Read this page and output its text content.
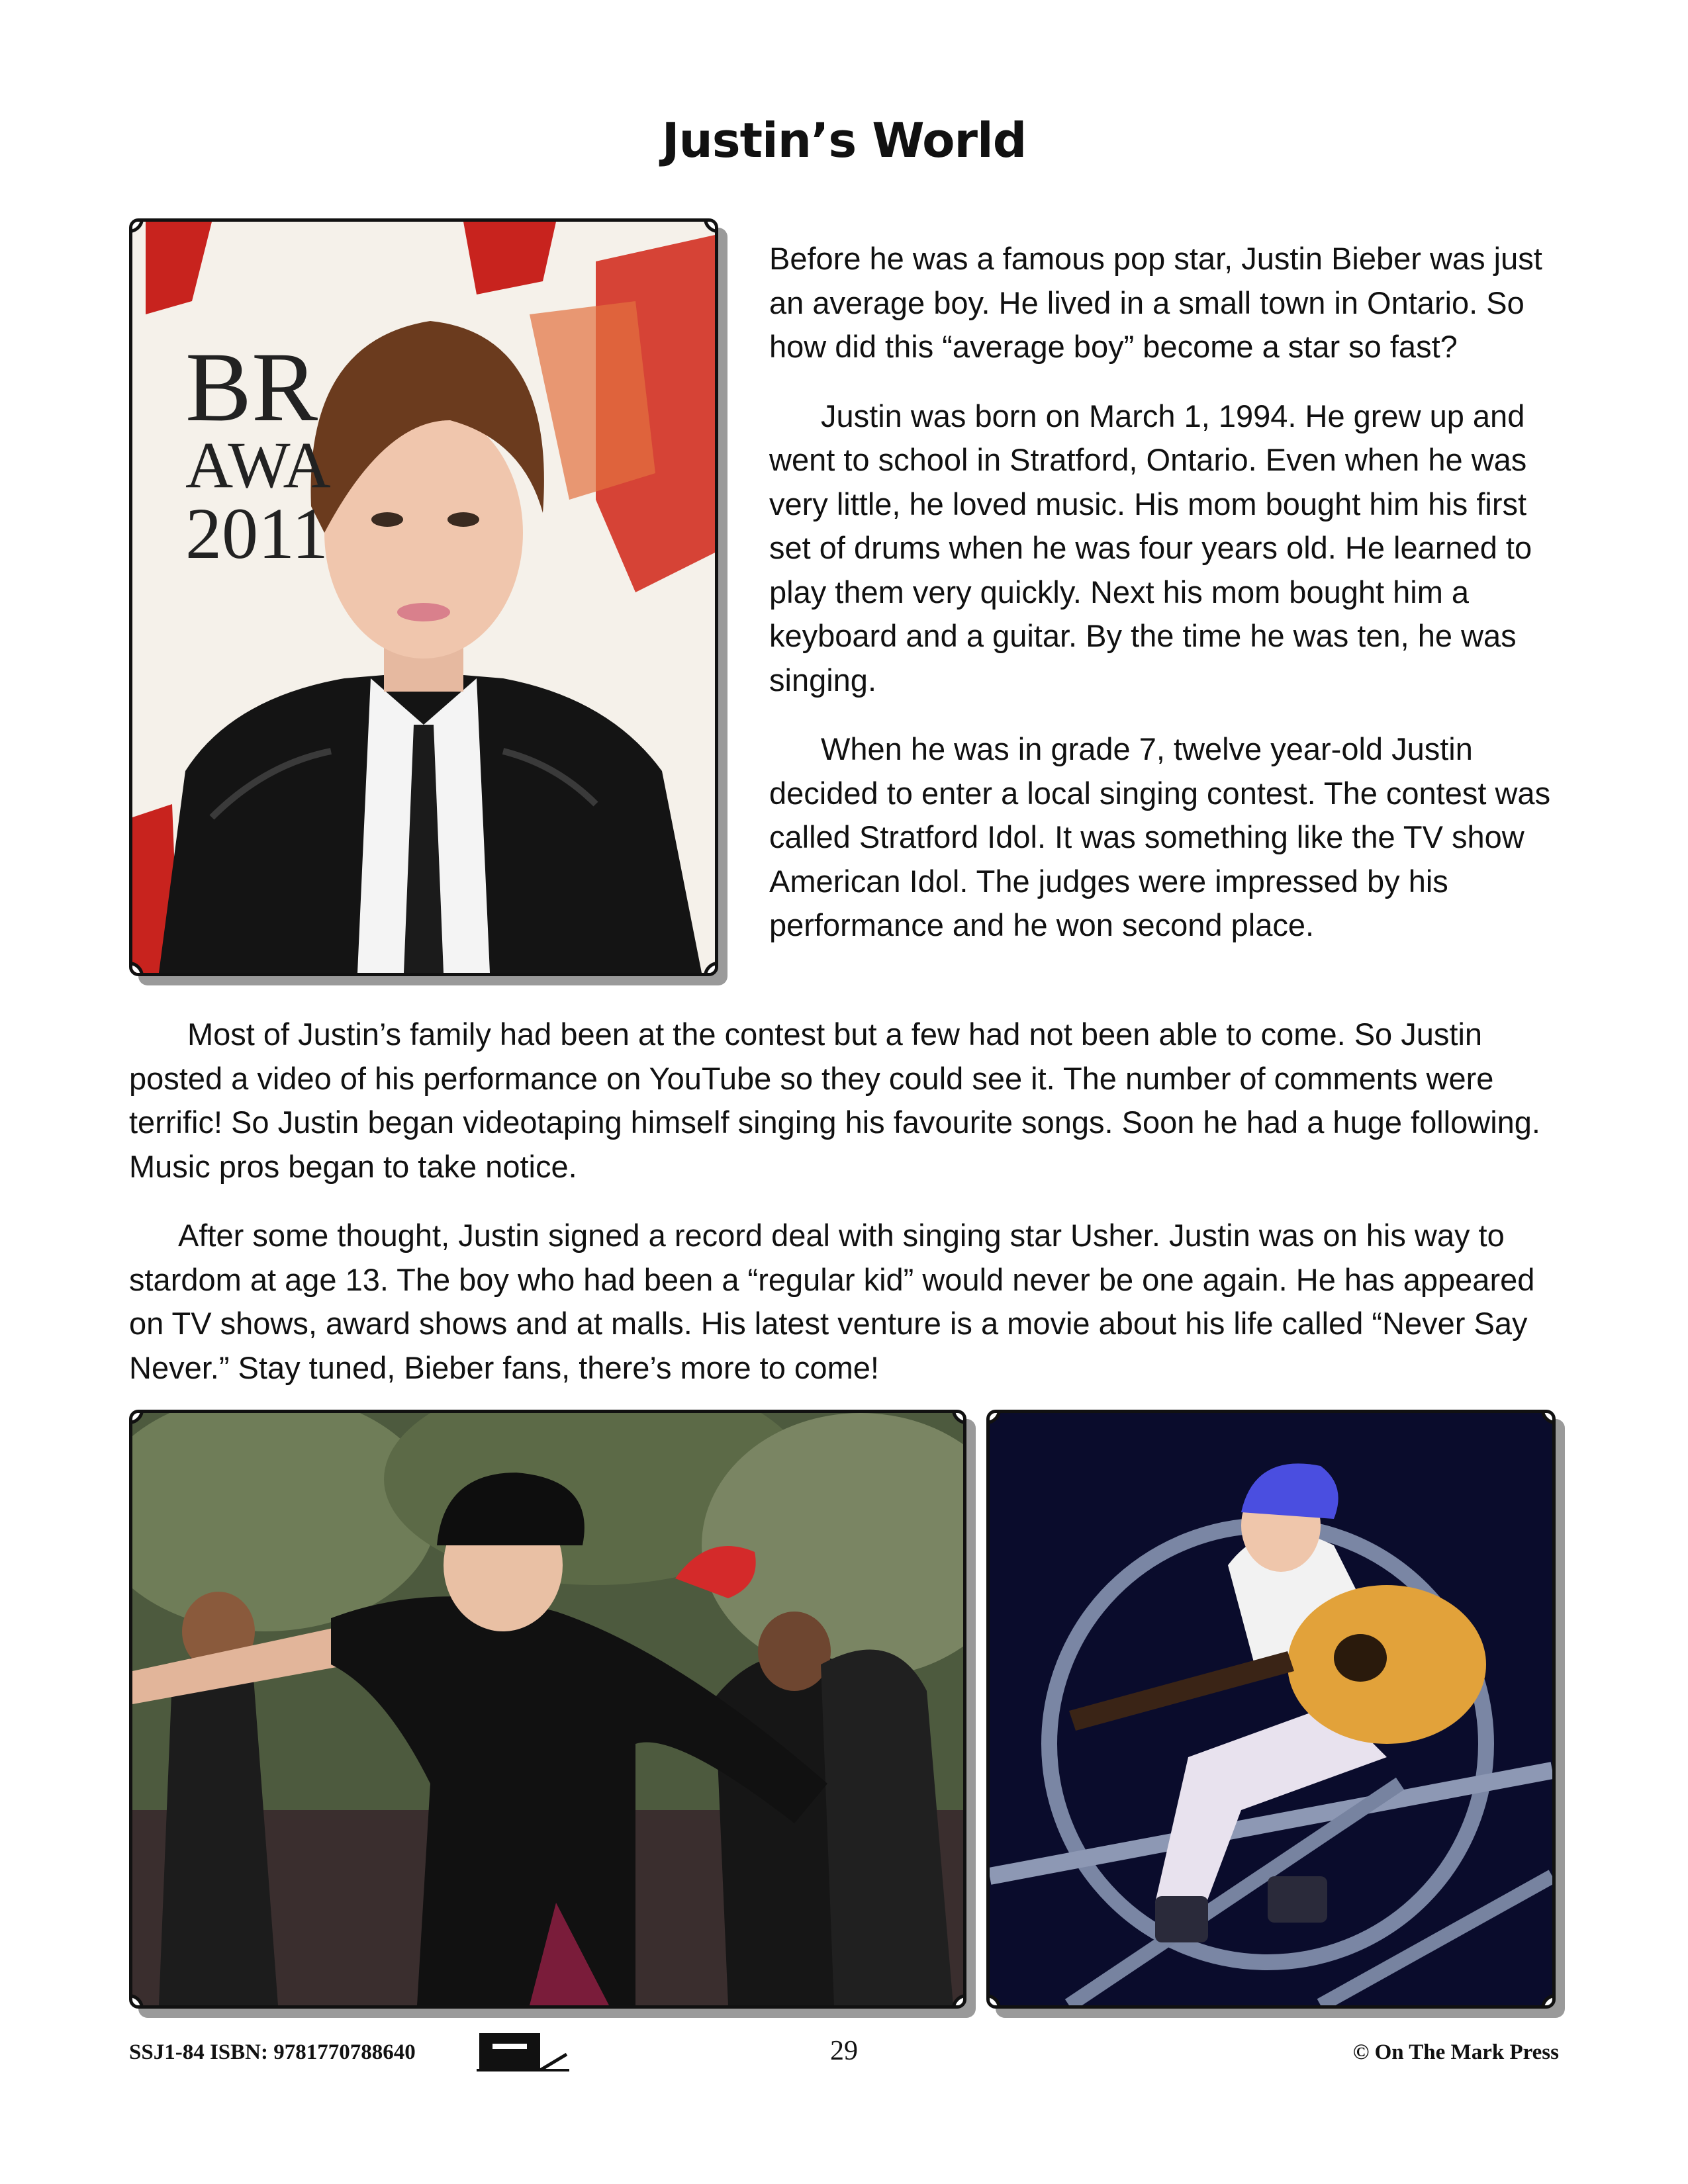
Justin’s World
BR
AWA
2011

Before he was a famous pop star, Justin Bieber was just an average boy. He lived in a small town in Ontario. So how did this “average boy” become a star so fast?

Justin was born on March 1, 1994. He grew up and went to school in Stratford, Ontario. Even when he was very little, he loved music. His mom bought him his first set of drums when he was four years old. He learned to play them very quickly. Next his mom bought him a keyboard and a guitar. By the time he was ten, he was singing.

When he was in grade 7, twelve year-old Justin decided to enter a local singing contest. The contest was called Stratford Idol. It was something like the TV show American Idol. The judges were impressed by his performance and he won second place.

Most of Justin’s family had been at the contest but a few had not been able to come. So Justin posted a video of his performance on YouTube so they could see it. The number of comments were terrific! So Justin began videotaping himself singing his favourite songs. Soon he had a huge following. Music pros began to take notice.

After some thought, Justin signed a record deal with singing star Usher. Justin was on his way to stardom at age 13. The boy who had been a “regular kid” would never be one again. He has appeared on TV shows, award shows and at malls. His latest venture is a movie about his life called “Never Say Never.” Stay tuned, Bieber fans, there’s more to come!

SSJ1-84 ISBN: 9781770788640	29	© On The Mark Press
